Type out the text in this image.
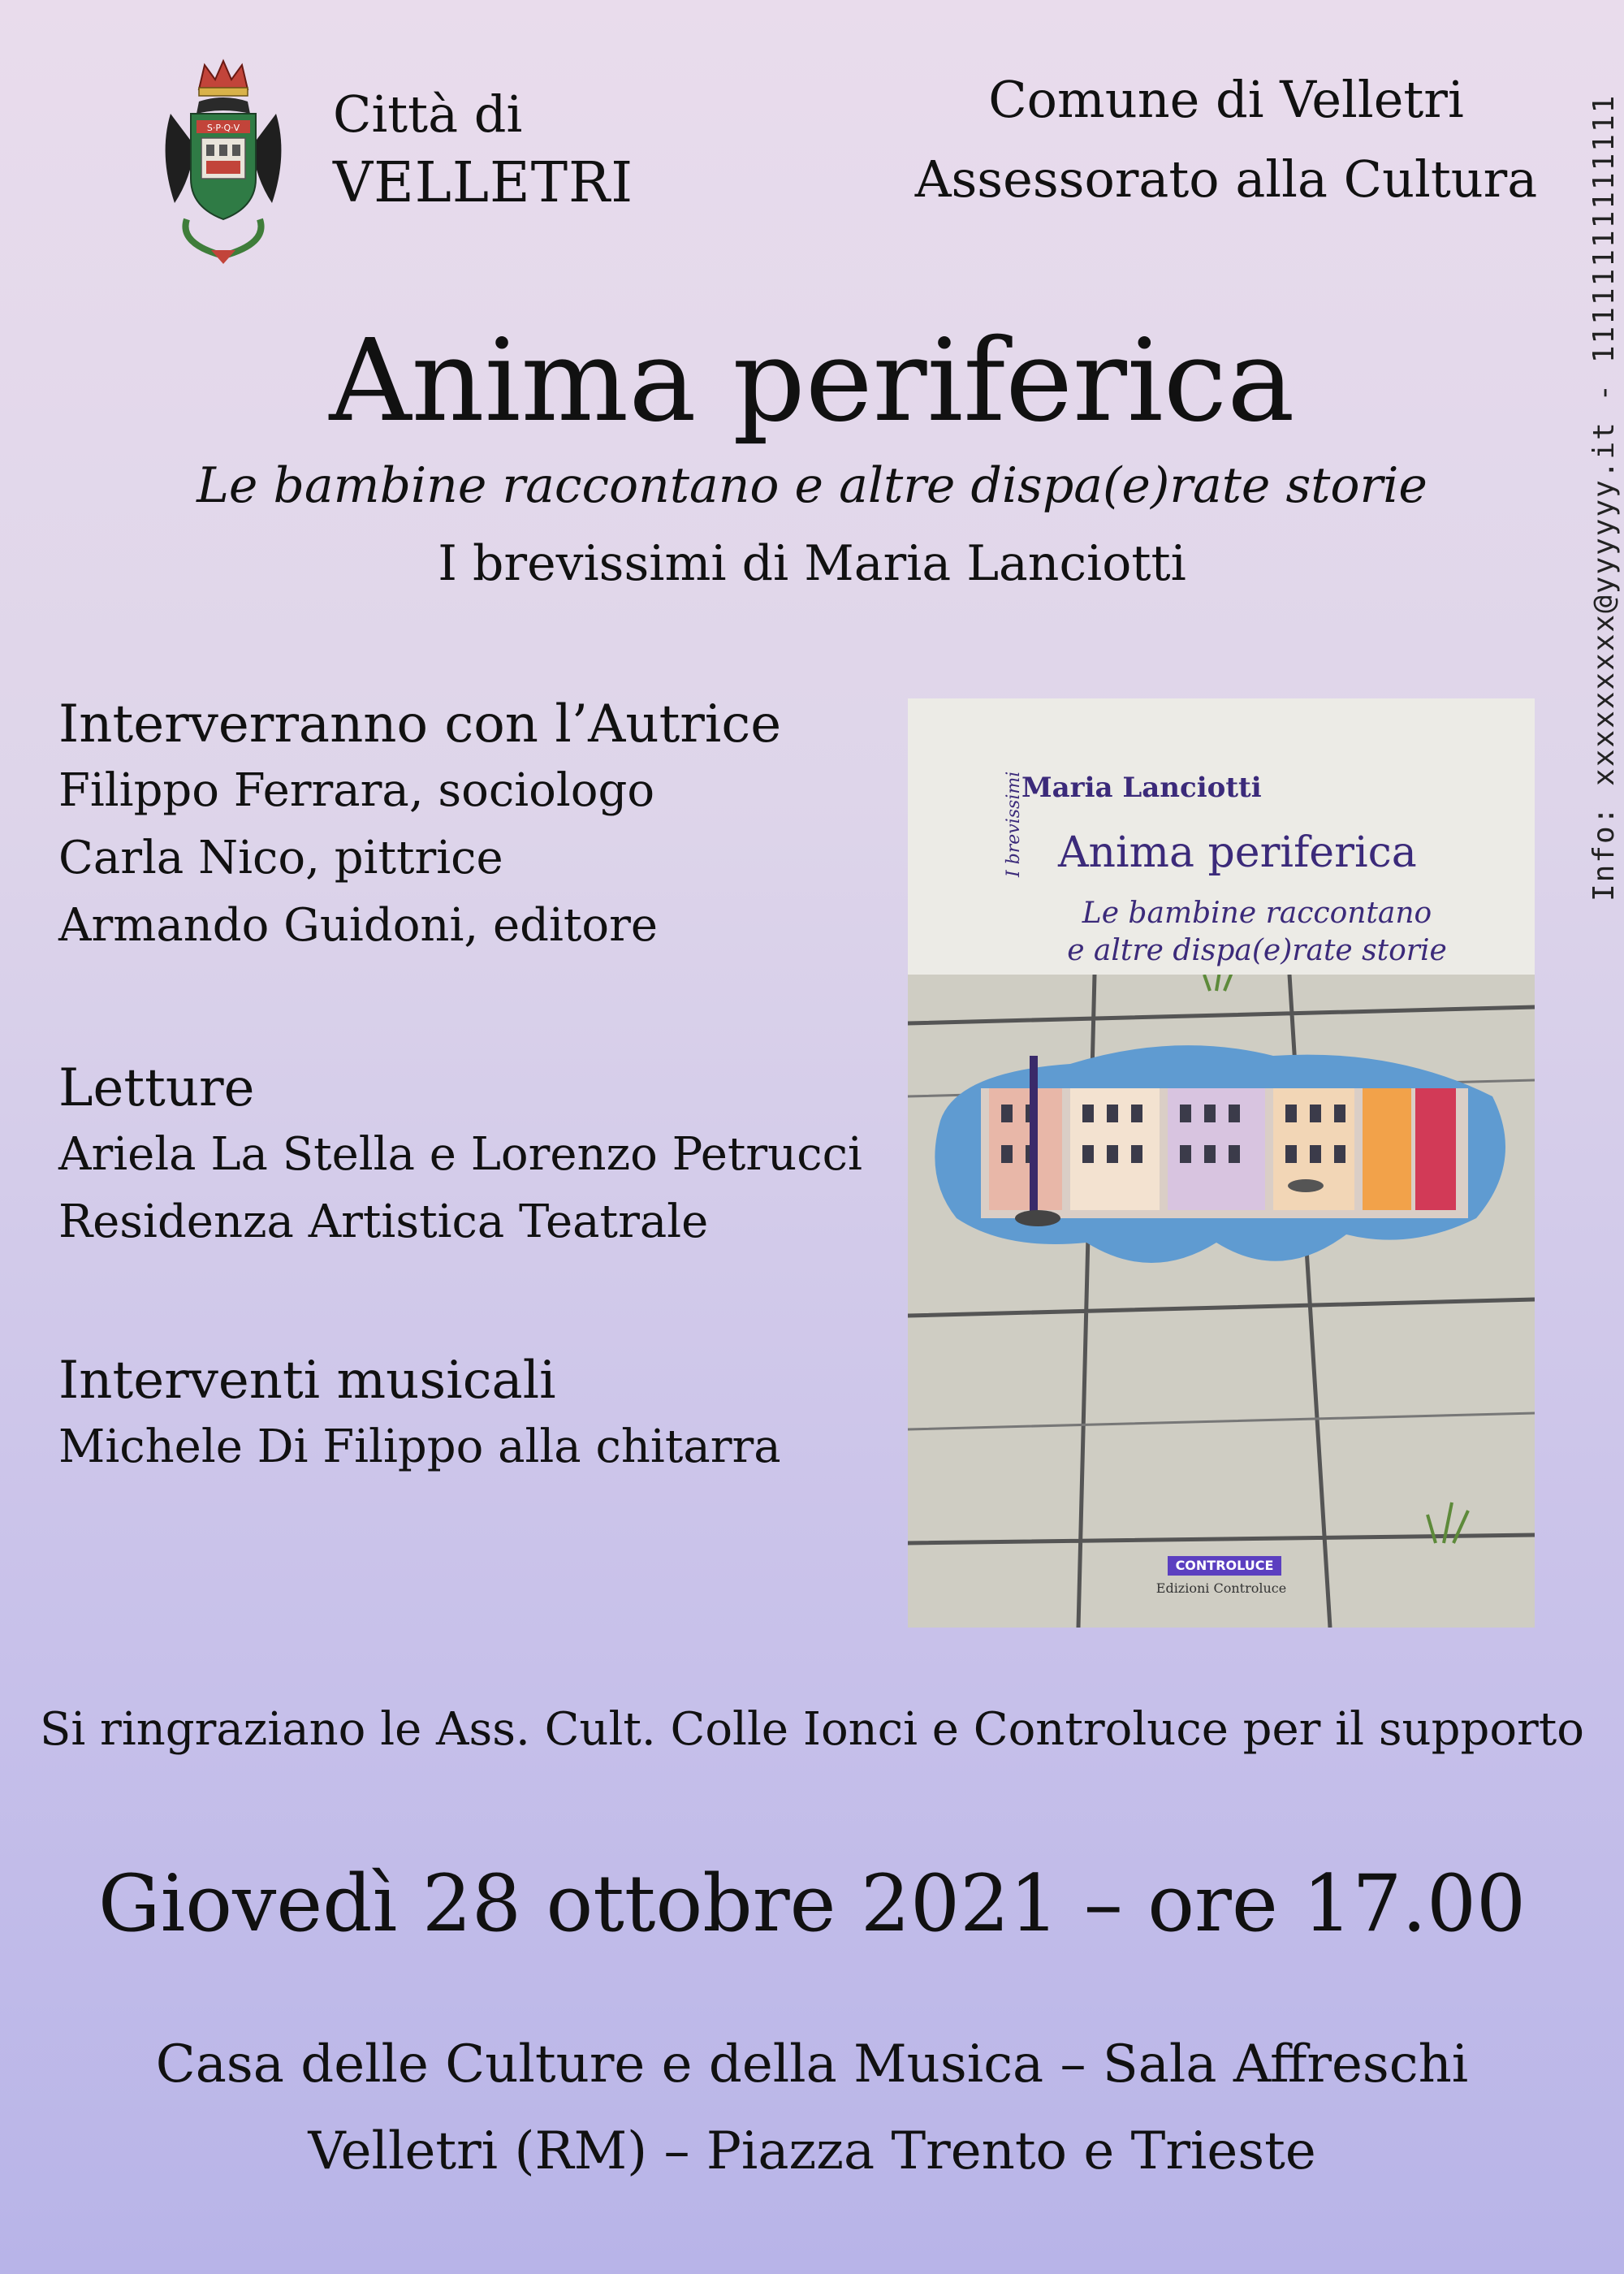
S·P·Q·V Città di
VELLETRI
Comune di Velletri
Assessorato alla Cultura	Info: xxxxxxxxx@yyyyyy.it - 11111111111111
Anima periferica
Le bambine raccontano e altre dispa(e)rate storie
I brevissimi di Maria Lanciotti
Interverranno con l’Autrice
Filippo Ferrara, sociologo
Carla Nico, pittrice
Armando Guidoni, editore
Letture
Ariela La Stella e Lorenzo Petrucci
Residenza Artistica Teatrale
Interventi musicali
Michele Di Filippo alla chitarra
I brevissimi
Maria Lanciotti
Anima periferica
Le bambine raccontano
e altre dispa(e)rate storie
CONTROLUCE
Edizioni Controluce
Si ringraziano le Ass. Cult. Colle Ionci e Controluce per il supporto
Giovedì 28 ottobre 2021 – ore 17.00
Casa delle Culture e della Musica – Sala Affreschi
Velletri (RM) – Piazza Trento e Trieste
